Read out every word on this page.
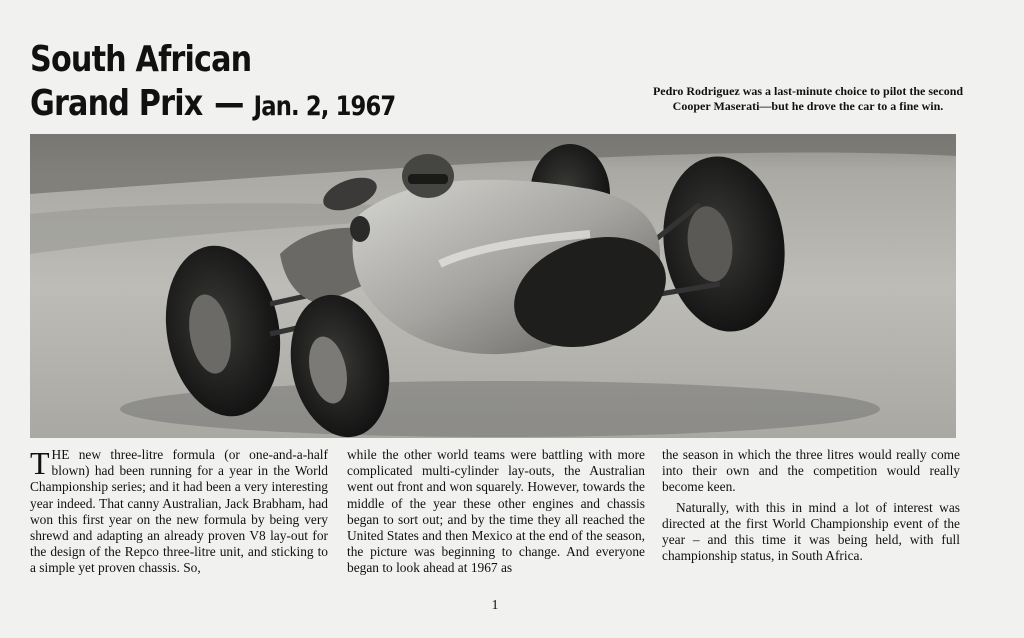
South African
Grand Prix — Jan. 2, 1967	Pedro Rodriguez was a last-minute choice to pilot the second Cooper Maserati—but he drove the car to a fine win.

THE new three-litre formula (or one-and-a-half blown) had been running for a year in the World Championship series; and it had been a very interesting year indeed. That canny Australian, Jack Brabham, had won this first year on the new formula by being very shrewd and adapting an already proven V8 lay-out for the design of the Repco three-litre unit, and sticking to a simple yet proven chassis. So,

while the other world teams were battling with more complicated multi-cylinder lay-outs, the Australian went out front and won squarely. However, towards the middle of the year these other engines and chassis began to sort out; and by the time they all reached the United States and then Mexico at the end of the season, the picture was beginning to change. And everyone began to look ahead at 1967 as

the season in which the three litres would really come into their own and the competition would really become keen.

Naturally, with this in mind a lot of interest was directed at the first World Championship event of the year – and this time it was being held, with full championship status, in South Africa.

1
